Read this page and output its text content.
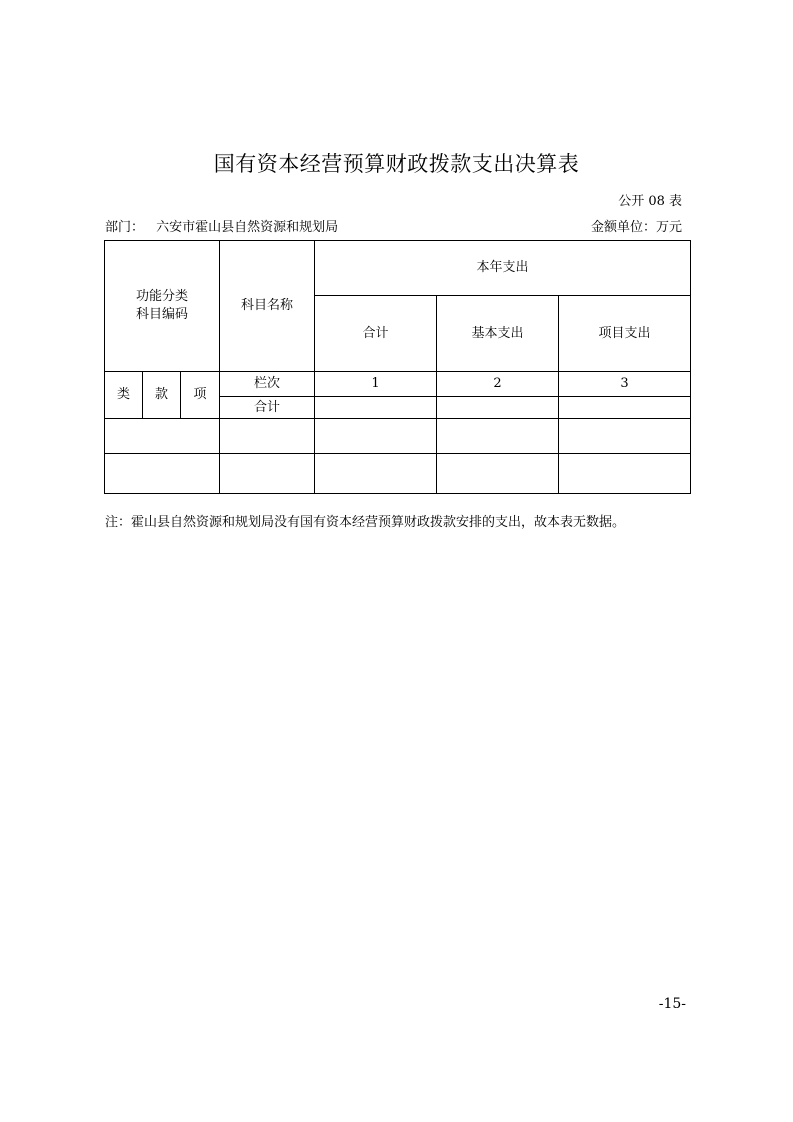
国有资本经营预算财政拨款支出决算表
公开 08 表
部门： 六安市霍山县自然资源和规划局	金额单位：万元
功能分类
科目编码			科目名称	本年支出		
				合计	基本支出	项目支出
类	款	项	栏次	1	2	3
			合计			

注：霍山县自然资源和规划局没有国有资本经营预算财政拨款安排的支出，故本表无数据。
-15-
